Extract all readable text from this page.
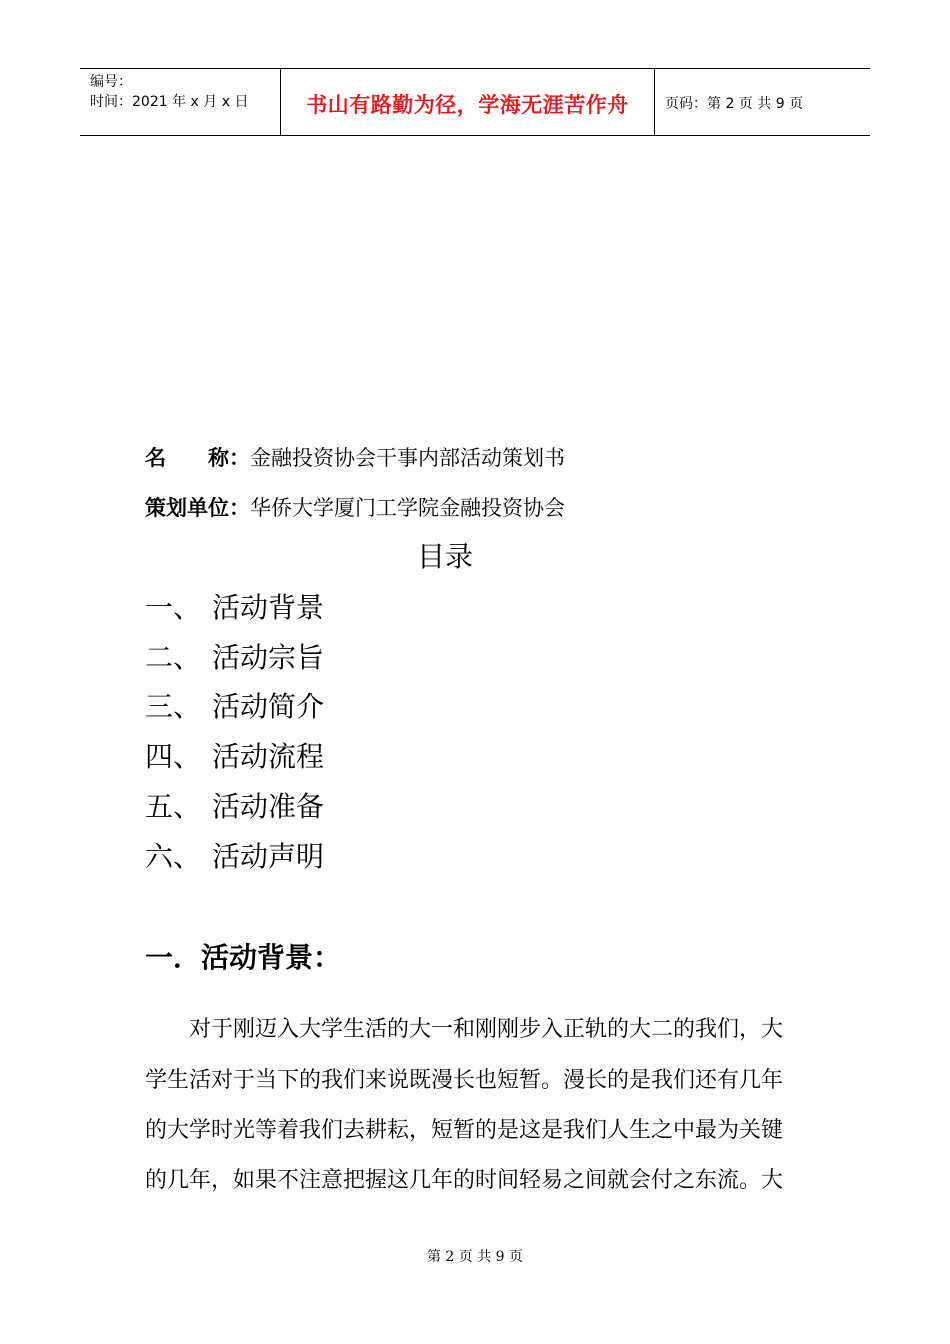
编号：
时间：2021 年 x 月 x 日	书山有路勤为径，学海无涯苦作舟	页码：第 2 页 共 9 页
名　　称：金融投资协会干事内部活动策划书
策划单位：华侨大学厦门工学院金融投资协会
目录
一、 活动背景
二、 活动宗旨
三、 活动简介
四、 活动流程
五、 活动准备
六、 活动声明
一．活动背景：
　　对于刚迈入大学生活的大一和刚刚步入正轨的大二的我们，大
学生活对于当下的我们来说既漫长也短暂。漫长的是我们还有几年
的大学时光等着我们去耕耘，短暂的是这是我们人生之中最为关键
的几年，如果不注意把握这几年的时间轻易之间就会付之东流。大
第 2 页 共 9 页
